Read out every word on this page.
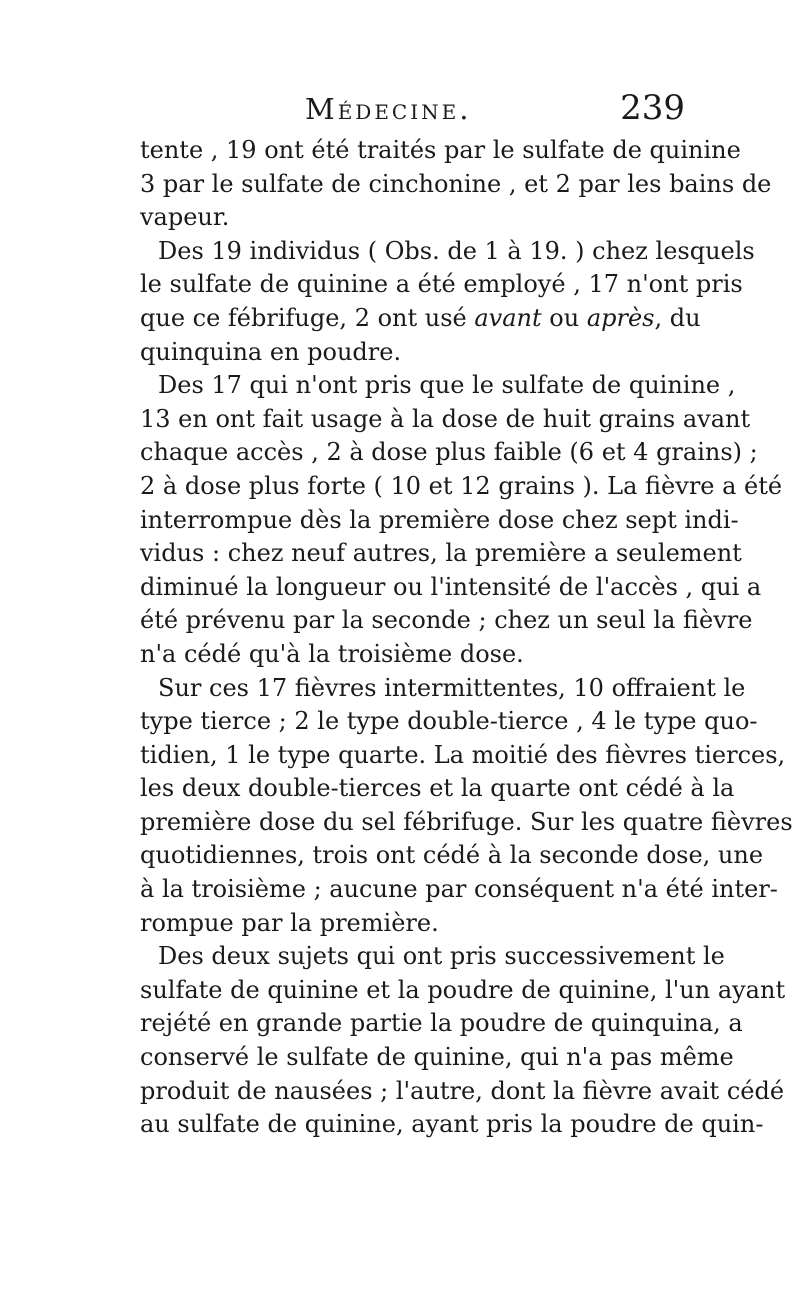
Médecine.	239
tente , 19 ont été traités par le sulfate de quinine
3 par le sulfate de cinchonine , et 2 par les bains de
vapeur.
Des 19 individus ( Obs. de 1 à 19. ) chez lesquels
le sulfate de quinine a été employé , 17 n'ont pris
que ce fébrifuge, 2 ont usé avant ou après, du
quinquina en poudre.
Des 17 qui n'ont pris que le sulfate de quinine ,
13 en ont fait usage à la dose de huit grains avant
chaque accès , 2 à dose plus faible (6 et 4 grains) ;
2 à dose plus forte ( 10 et 12 grains ). La fièvre a été
interrompue dès la première dose chez sept indi-
vidus : chez neuf autres, la première a seulement
diminué la longueur ou l'intensité de l'accès , qui a
été prévenu par la seconde ; chez un seul la fièvre
n'a cédé qu'à la troisième dose.
Sur ces 17 fièvres intermittentes, 10 offraient le
type tierce ; 2 le type double-tierce , 4 le type quo-
tidien, 1 le type quarte. La moitié des fièvres tierces,
les deux double-tierces et la quarte ont cédé à la
première dose du sel fébrifuge. Sur les quatre fièvres
quotidiennes, trois ont cédé à la seconde dose, une
à la troisième ; aucune par conséquent n'a été inter-
rompue par la première.
Des deux sujets qui ont pris successivement le
sulfate de quinine et la poudre de quinine, l'un ayant
rejété en grande partie la poudre de quinquina, a
conservé le sulfate de quinine, qui n'a pas même
produit de nausées ; l'autre, dont la fièvre avait cédé
au sulfate de quinine, ayant pris la poudre de quin-
